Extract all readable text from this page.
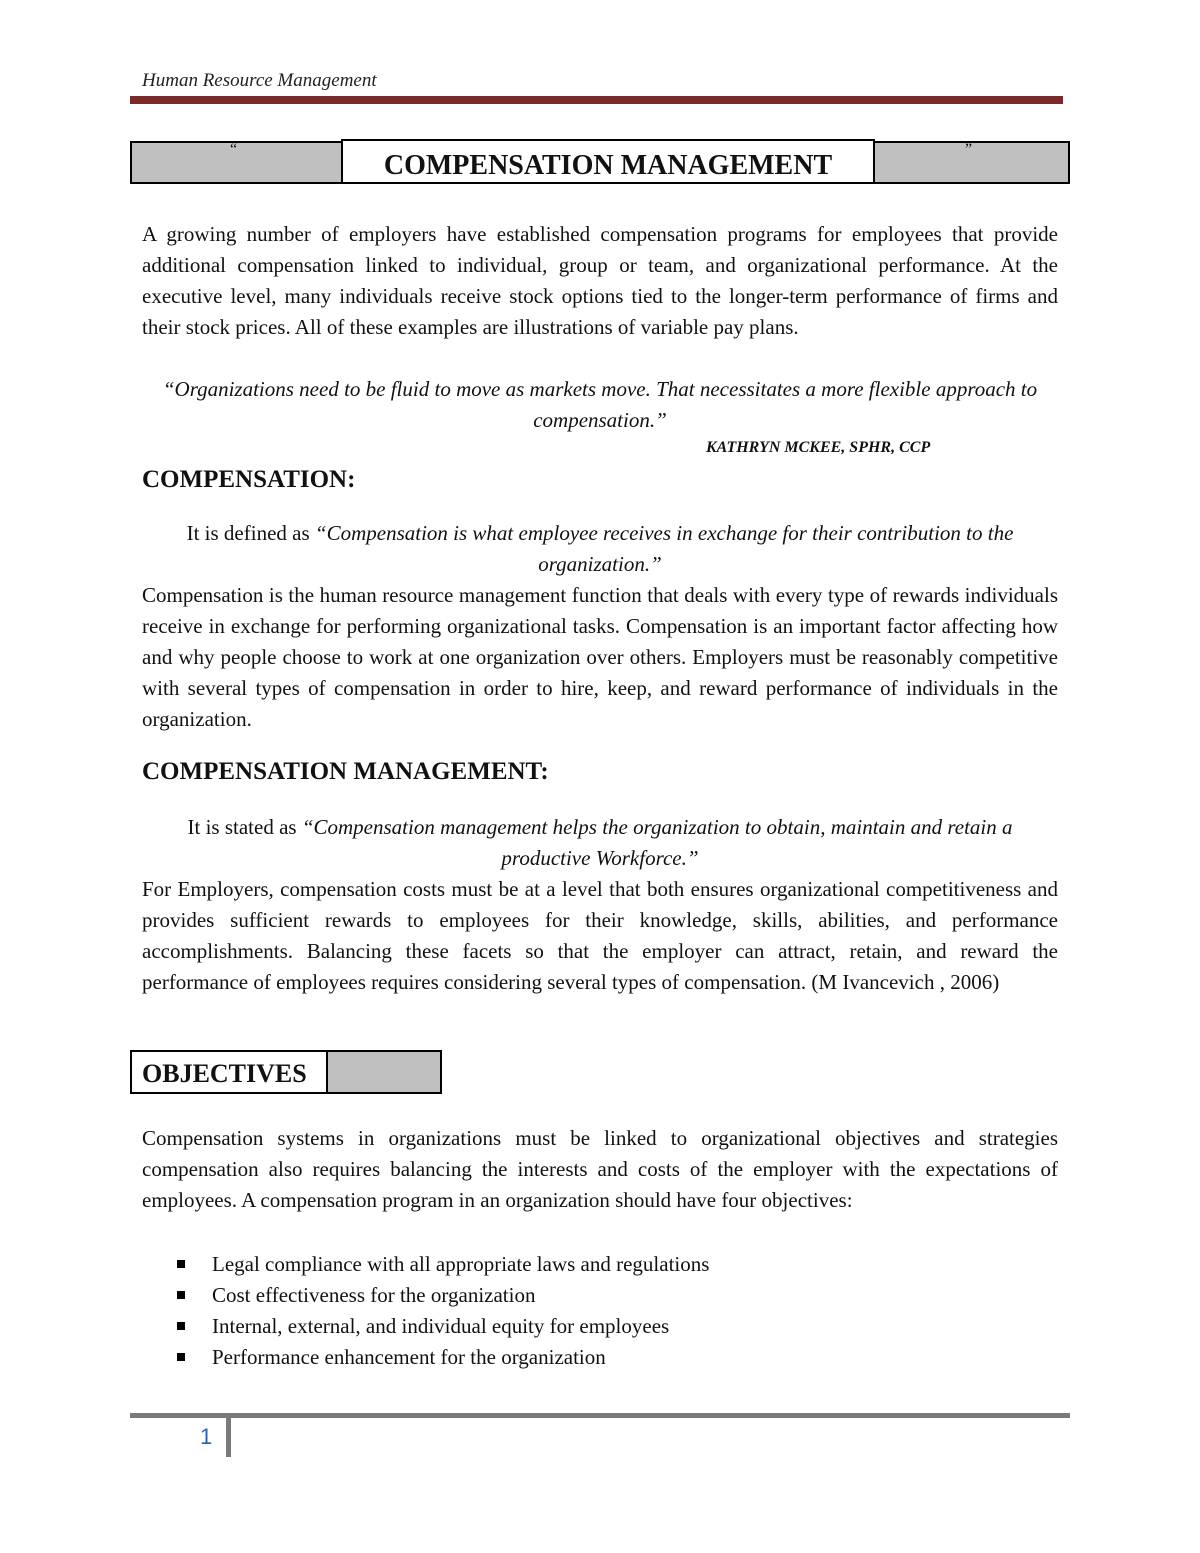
Human Resource Management
“	”
COMPENSATION MANAGEMENT
A growing number of employers have established compensation programs for employees that provide additional compensation linked to individual, group or team, and organizational performance. At the executive level, many individuals receive stock options tied to the longer-term performance of firms and their stock prices. All of these examples are illustrations of variable pay plans.
“Organizations need to be fluid to move as markets move. That necessitates a more flexible approach to compensation.”
KATHRYN MCKEE, SPHR, CCP
COMPENSATION:
It is defined as “Compensation is what employee receives in exchange for their contribution to the organization.”
Compensation is the human resource management function that deals with every type of rewards individuals receive in exchange for performing organizational tasks. Compensation is an important factor affecting how and why people choose to work at one organization over others. Employers must be reasonably competitive with several types of compensation in order to hire, keep, and reward performance of individuals in the organization.
COMPENSATION MANAGEMENT:
It is stated as “Compensation management helps the organization to obtain, maintain and retain a productive Workforce.”
For Employers, compensation costs must be at a level that both ensures organizational competitiveness and provides sufficient rewards to employees for their knowledge, skills, abilities, and performance accomplishments. Balancing these facets so that the employer can attract, retain, and reward the performance of employees requires considering several types of compensation. (M Ivancevich , 2006)
OBJECTIVES
Compensation systems in organizations must be linked to organizational objectives and strategies compensation also requires balancing the interests and costs of the employer with the expectations of employees. A compensation program in an organization should have four objectives:
Legal compliance with all appropriate laws and regulations
Cost effectiveness for the organization
Internal, external, and individual equity for employees
Performance enhancement for the organization
1
